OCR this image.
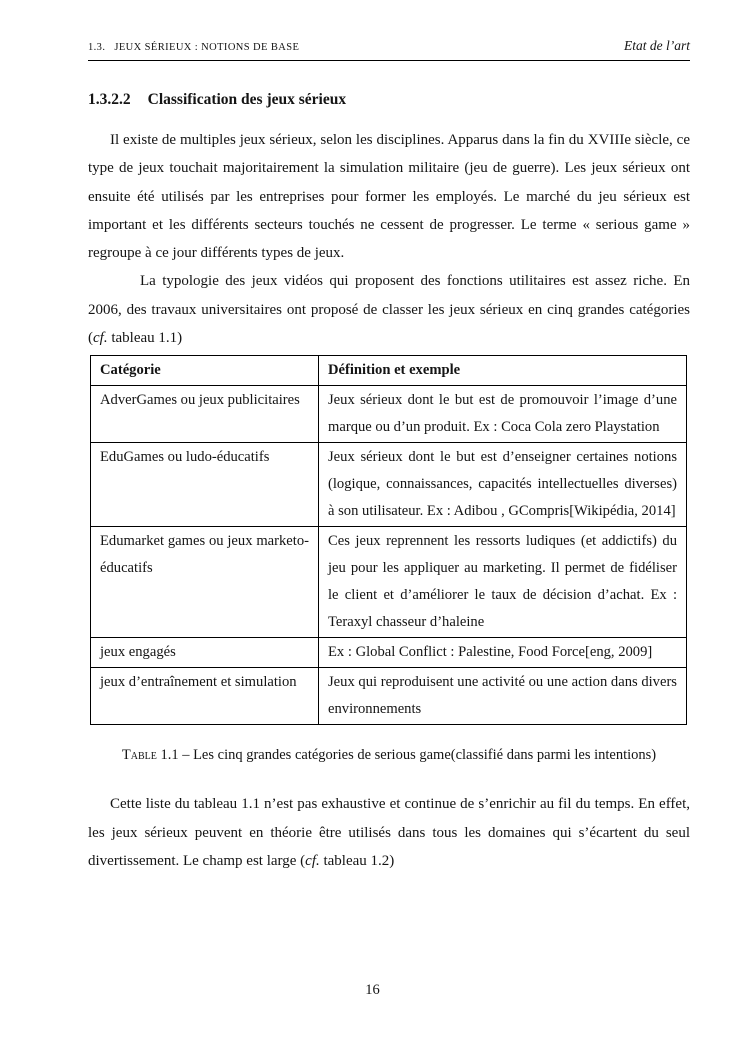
1.3. JEUX SÉRIEUX : NOTIONS DE BASE	Etat de l’art
1.3.2.2 Classification des jeux sérieux

Il existe de multiples jeux sérieux, selon les disciplines. Apparus dans la fin du XVIIIe siècle, ce type de jeux touchait majoritairement la simulation militaire (jeu de guerre). Les jeux sérieux ont ensuite été utilisés par les entreprises pour former les employés. Le marché du jeu sérieux est important et les différents secteurs touchés ne cessent de progresser. Le terme « serious game » regroupe à ce jour différents types de jeux.

La typologie des jeux vidéos qui proposent des fonctions utilitaires est assez riche. En 2006, des travaux universitaires ont proposé de classer les jeux sérieux en cinq grandes catégories (cf. tableau 1.1)

Catégorie	Définition et exemple
AdverGames ou jeux publicitaires	Jeux sérieux dont le but est de promouvoir l’image d’une marque ou d’un produit. Ex : Coca Cola zero Playstation
EduGames ou ludo-éducatifs	Jeux sérieux dont le but est d’enseigner certaines notions (logique, connaissances, capacités intellectuelles diverses) à son utilisateur. Ex : Adibou , GCompris[Wikipédia, 2014]
Edumarket games ou jeux marketo-éducatifs	Ces jeux reprennent les ressorts ludiques (et addictifs) du jeu pour les appliquer au marketing. Il permet de fidéliser le client et d’améliorer le taux de décision d’achat. Ex : Teraxyl chasseur d’haleine
jeux engagés	Ex : Global Conflict : Palestine, Food Force[eng, 2009]
jeux d’entraînement et simulation	Jeux qui reproduisent une activité ou une action dans divers environnements
Table 1.1 – Les cinq grandes catégories de serious game(classifié dans parmi les intentions)

Cette liste du tableau 1.1 n’est pas exhaustive et continue de s’enrichir au fil du temps. En effet, les jeux sérieux peuvent en théorie être utilisés dans tous les domaines qui s’écartent du seul divertissement. Le champ est large (cf. tableau 1.2)

16
